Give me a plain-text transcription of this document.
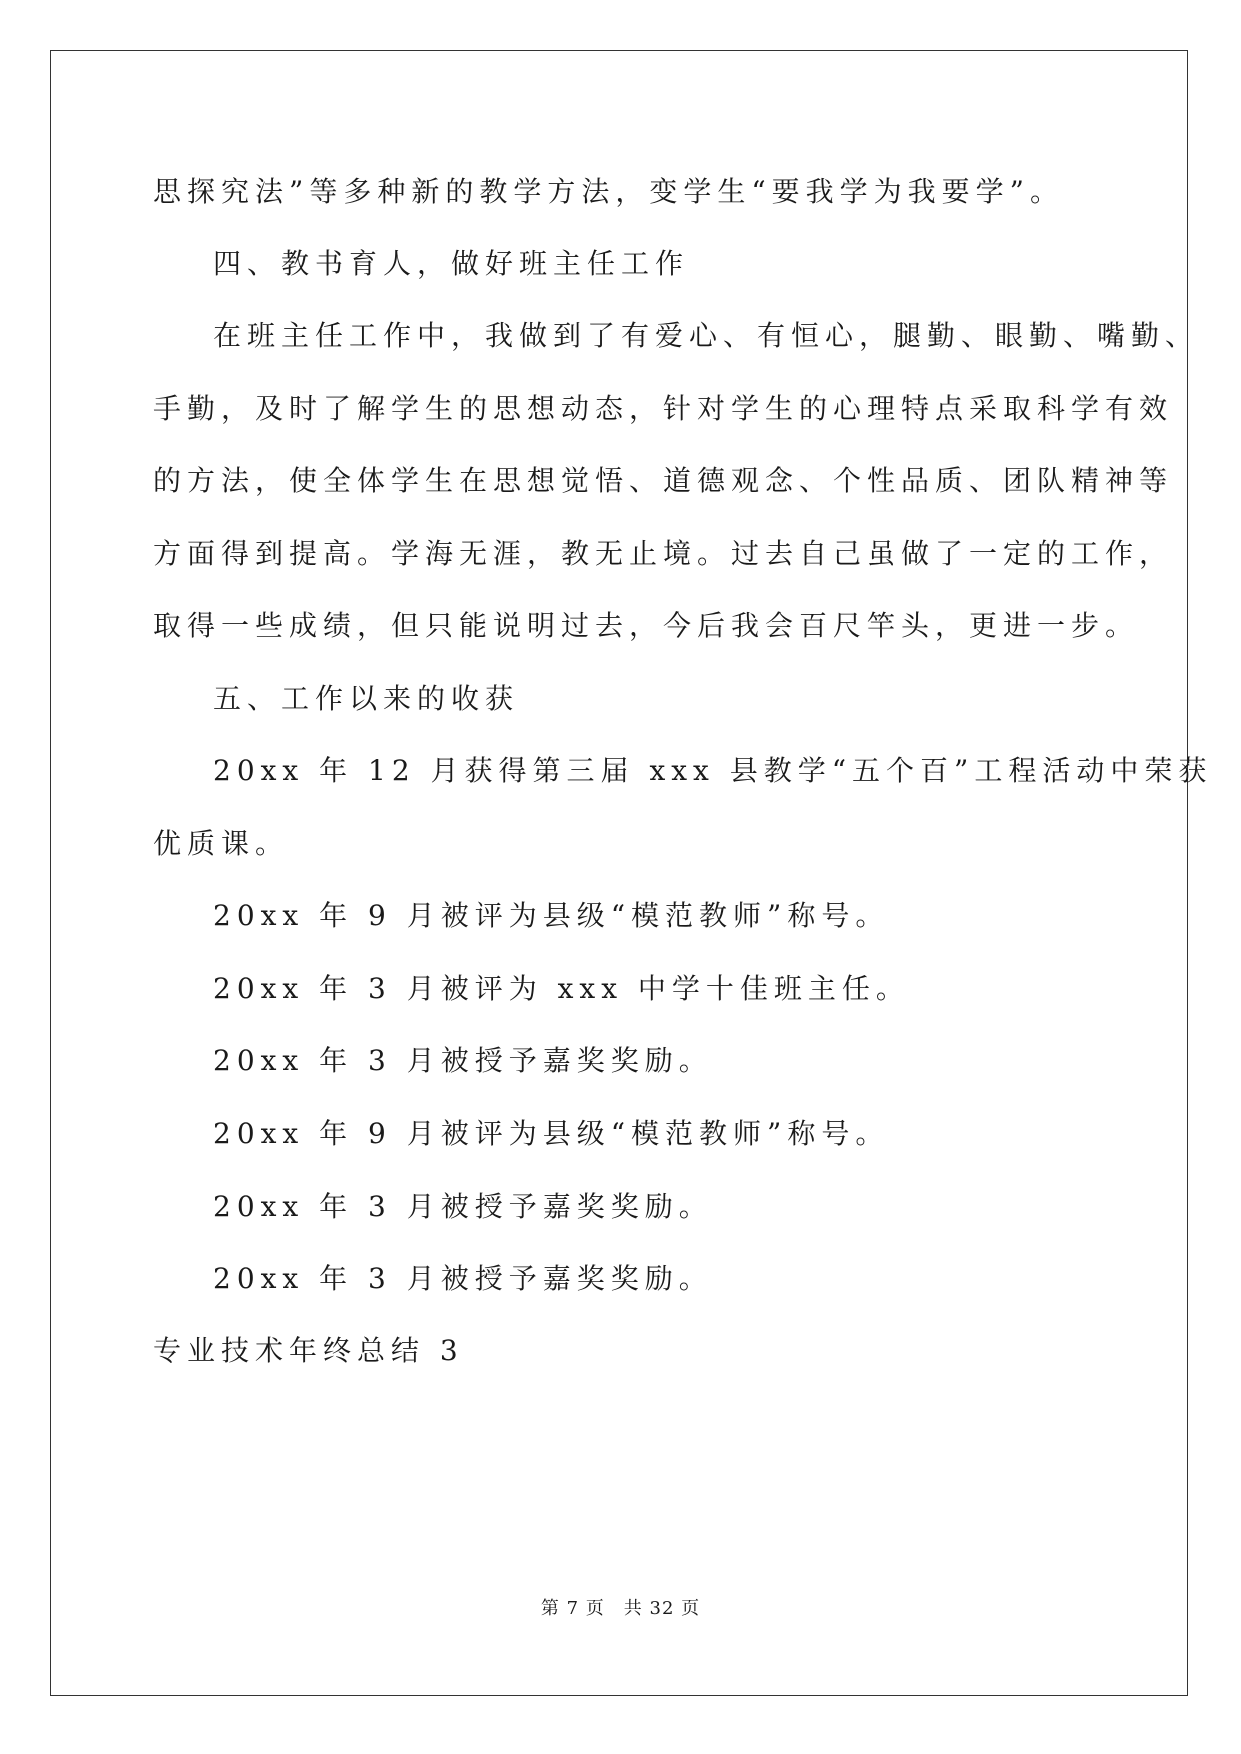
思探究法”等多种新的教学方法，变学生“要我学为我要学”。
四、教书育人，做好班主任工作
在班主任工作中，我做到了有爱心、有恒心，腿勤、眼勤、嘴勤、
手勤，及时了解学生的思想动态，针对学生的心理特点采取科学有效
的方法，使全体学生在思想觉悟、道德观念、个性品质、团队精神等
方面得到提高。学海无涯，教无止境。过去自己虽做了一定的工作，
取得一些成绩，但只能说明过去，今后我会百尺竿头，更进一步。
五、工作以来的收获
20xx 年 12 月获得第三届 xxx 县教学“五个百”工程活动中荣获
优质课。
20xx 年 9 月被评为县级“模范教师”称号。
20xx 年 3 月被评为 xxx 中学十佳班主任。
20xx 年 3 月被授予嘉奖奖励。
20xx 年 9 月被评为县级“模范教师”称号。
20xx 年 3 月被授予嘉奖奖励。
20xx 年 3 月被授予嘉奖奖励。
专业技术年终总结 3
第 7 页　共 32 页
